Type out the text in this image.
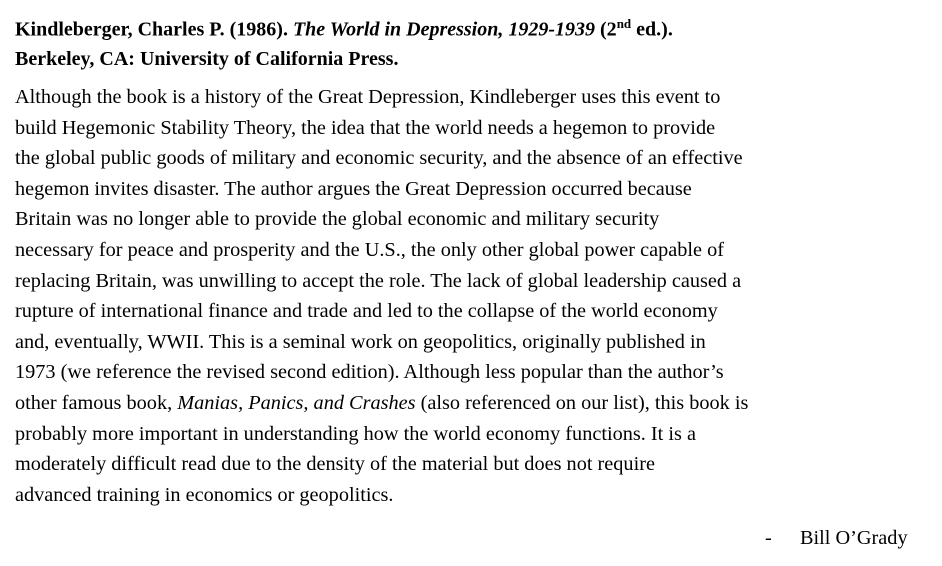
Kindleberger, Charles P. (1986). The World in Depression, 1929-1939 (2nd ed.).
Berkeley, CA: University of California Press.
Although the book is a history of the Great Depression, Kindleberger uses this event to
build Hegemonic Stability Theory, the idea that the world needs a hegemon to provide
the global public goods of military and economic security, and the absence of an effective
hegemon invites disaster. The author argues the Great Depression occurred because
Britain was no longer able to provide the global economic and military security
necessary for peace and prosperity and the U.S., the only other global power capable of
replacing Britain, was unwilling to accept the role. The lack of global leadership caused a
rupture of international finance and trade and led to the collapse of the world economy
and, eventually, WWII. This is a seminal work on geopolitics, originally published in
1973 (we reference the revised second edition). Although less popular than the author’s
other famous book, Manias, Panics, and Crashes (also referenced on our list), this book is
probably more important in understanding how the world economy functions. It is a
moderately difficult read due to the density of the material but does not require
advanced training in economics or geopolitics.
- Bill O’Grady
